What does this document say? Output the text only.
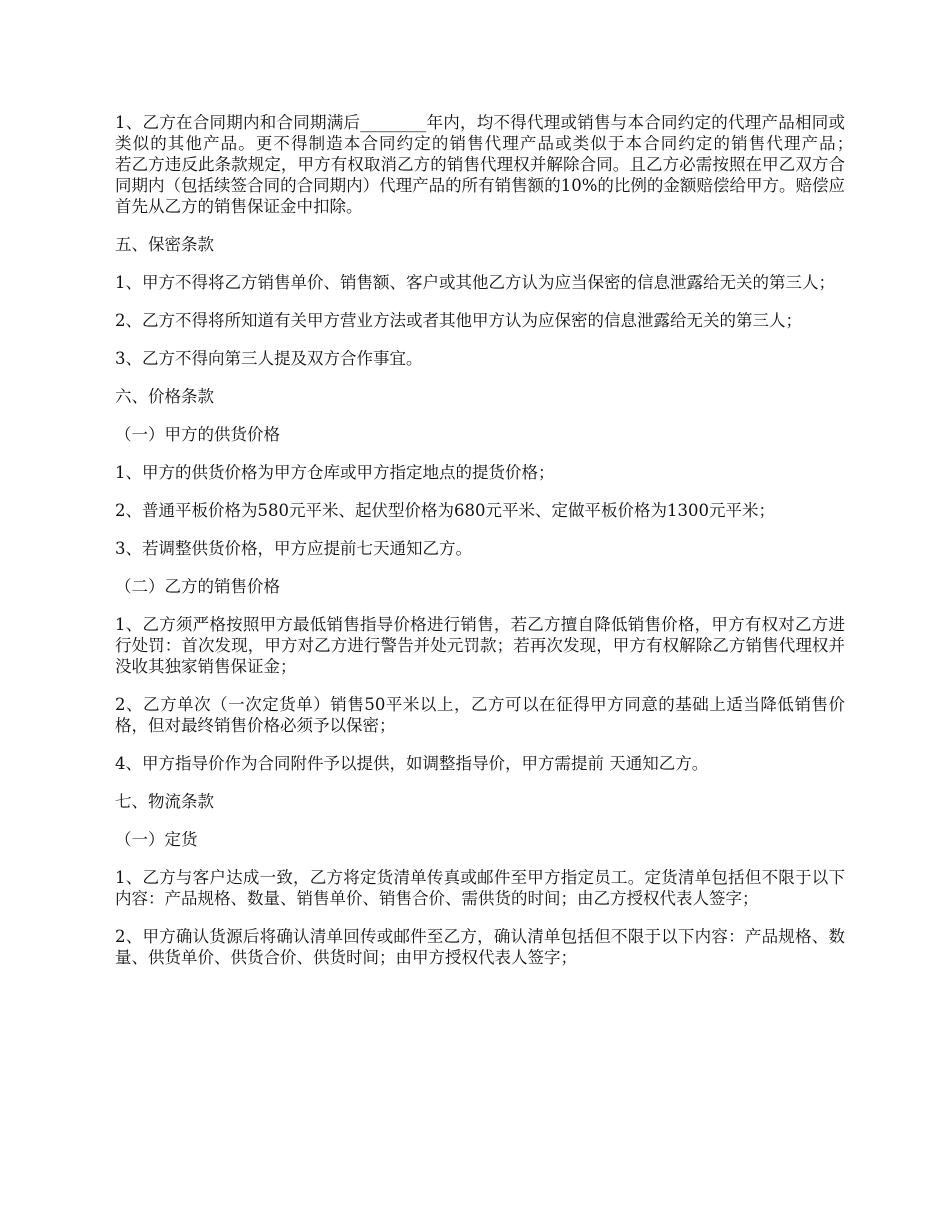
1、乙方在合同期内和合同期满后________年内，均不得代理或销售与本合同约定的代理产品相同或类似的其他产品。更不得制造本合同约定的销售代理产品或类似于本合同约定的销售代理产品；　　若乙方违反此条款规定，甲方有权取消乙方的销售代理权并解除合同。且乙方必需按照在甲乙双方合同期内（包括续签合同的合同期内）代理产品的所有销售额的10%的比例的金额赔偿给甲方。赔偿应首先从乙方的销售保证金中扣除。

五、保密条款

1、甲方不得将乙方销售单价、销售额、客户或其他乙方认为应当保密的信息泄露给无关的第三人；

2、乙方不得将所知道有关甲方营业方法或者其他甲方认为应保密的信息泄露给无关的第三人；

3、乙方不得向第三人提及双方合作事宜。

六、价格条款

（一）甲方的供货价格

1、甲方的供货价格为甲方仓库或甲方指定地点的提货价格；

2、普通平板价格为580元平米、起伏型价格为680元平米、定做平板价格为1300元平米；

3、若调整供货价格，甲方应提前七天通知乙方。

（二）乙方的销售价格

1、乙方须严格按照甲方最低销售指导价格进行销售，若乙方擅自降低销售价格，甲方有权对乙方进行处罚：首次发现，甲方对乙方进行警告并处元罚款；若再次发现，甲方有权解除乙方销售代理权并没收其独家销售保证金；

2、乙方单次（一次定货单）销售50平米以上，乙方可以在征得甲方同意的基础上适当降低销售价格，但对最终销售价格必须予以保密；

4、甲方指导价作为合同附件予以提供，如调整指导价，甲方需提前 天通知乙方。

七、物流条款

（一）定货

1、乙方与客户达成一致，乙方将定货清单传真或邮件至甲方指定员工。定货清单包括但不限于以下内容：产品规格、数量、销售单价、销售合价、需供货的时间；由乙方授权代表人签字；

2、甲方确认货源后将确认清单回传或邮件至乙方，确认清单包括但不限于以下内容：产品规格、数量、供货单价、供货合价、供货时间；由甲方授权代表人签字；
